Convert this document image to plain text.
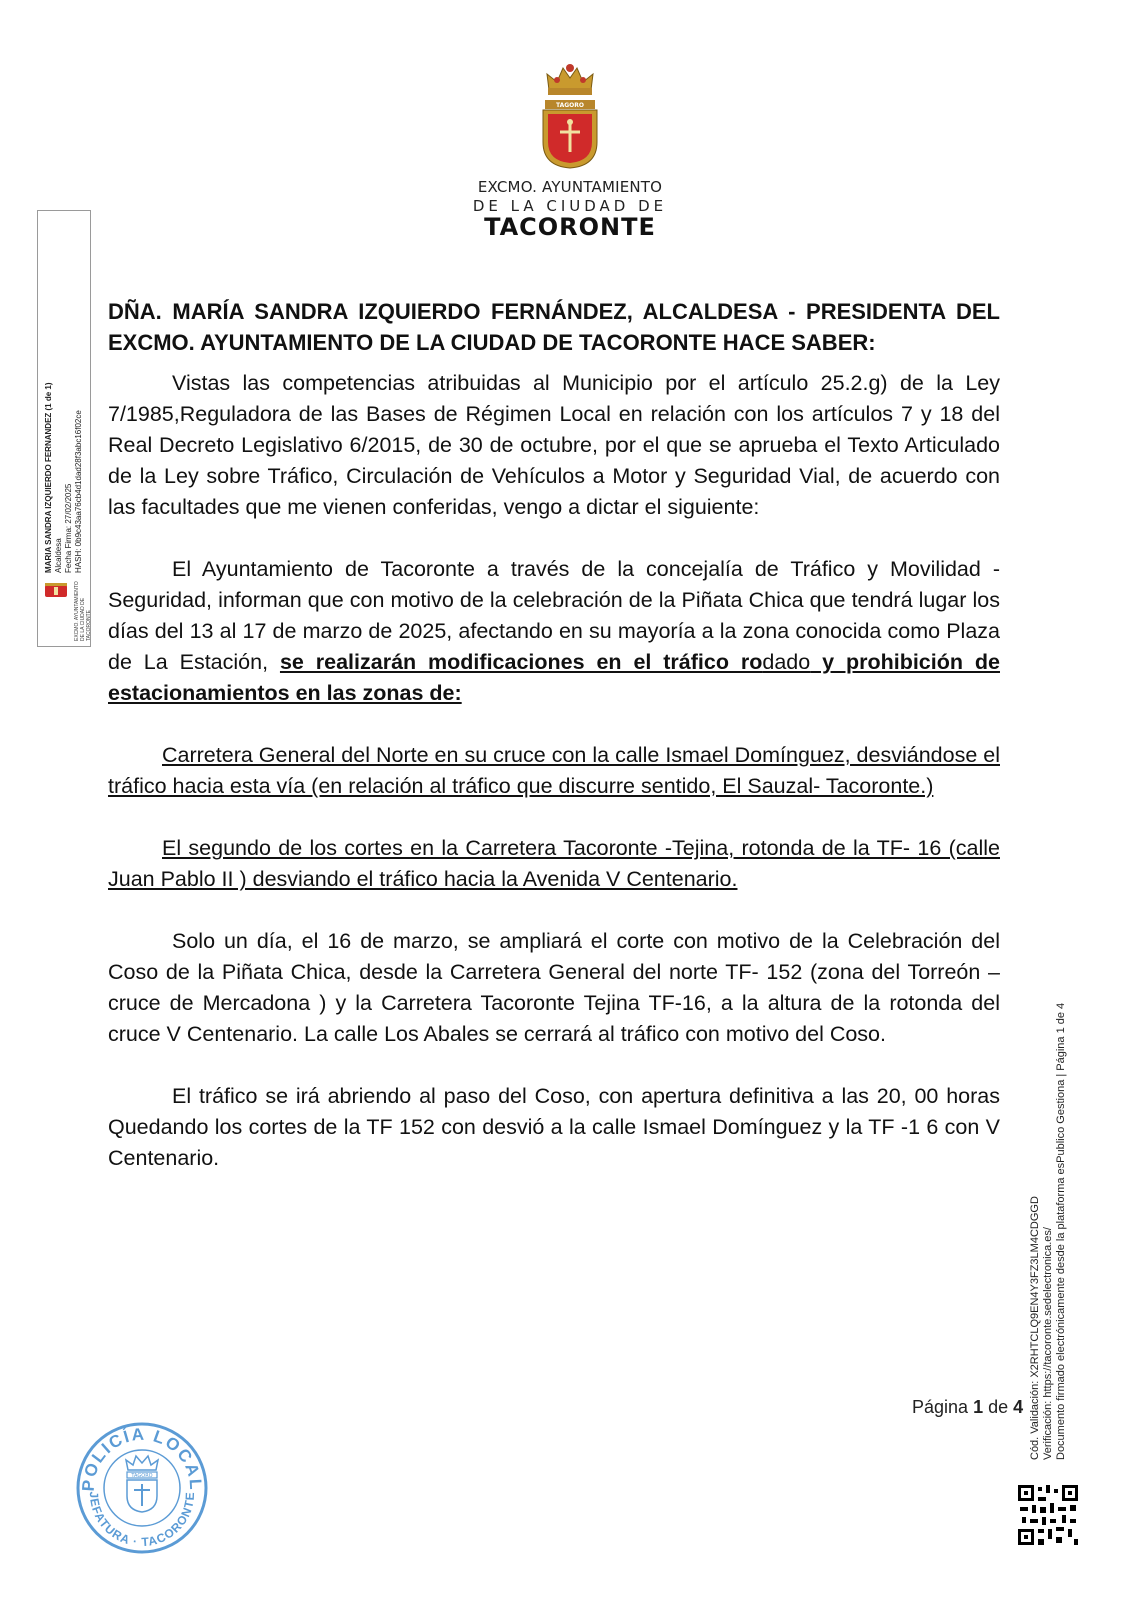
TAGORO
EXCMO. AYUNTAMIENTO
DE LA CIUDAD DE
TACORONTE
MARIA SANDRA IZQUIERDO FERNANDEZ (1 de 1) Alcaldesa Fecha Firma: 27/02/2025 HASH: 0b9c43aa76cb4d1dad28f3abc16f02ce
EXCMO. AYUNTAMIENTO DE LA CIUDAD DE TACORONTE

DÑA. MARÍA SANDRA IZQUIERDO FERNÁNDEZ, ALCALDESA - PRESIDENTA DEL EXCMO. AYUNTAMIENTO DE LA CIUDAD DE TACORONTE HACE SABER:

Vistas las competencias atribuidas al Municipio por el artículo 25.2.g) de la Ley 7/1985,Reguladora de las Bases de Régimen Local en relación con los artículos 7 y 18 del Real Decreto Legislativo 6/2015, de 30 de octubre, por el que se aprueba el Texto Articulado de la Ley sobre Tráfico, Circulación de Vehículos a Motor y Seguridad Vial, de acuerdo con las facultades que me vienen conferidas, vengo a dictar el siguiente:

El Ayuntamiento de Tacoronte a través de la concejalía de Tráfico y Movilidad - Seguridad, informan que con motivo de la celebración de la Piñata Chica que tendrá lugar los días del 13 al 17 de marzo de 2025, afectando en su mayoría a la zona conocida como Plaza de La Estación, se realizarán modificaciones en el tráfico rodado y prohibición de estacionamientos en las zonas de:

Carretera General del Norte en su cruce con la calle Ismael Domínguez, desviándose el tráfico hacia esta vía (en relación al tráfico que discurre sentido, El Sauzal- Tacoronte.)

El segundo de los cortes en la Carretera Tacoronte -Tejina, rotonda de la TF- 16 (calle Juan Pablo II ) desviando el tráfico hacia la Avenida V Centenario.

Solo un día, el 16 de marzo, se ampliará el corte con motivo de la Celebración del Coso de la Piñata Chica, desde la Carretera General del norte TF- 152 (zona del Torreón – cruce de Mercadona ) y la Carretera Tacoronte Tejina TF-16, a la altura de la rotonda del cruce V Centenario. La calle Los Abales se cerrará al tráfico con motivo del Coso.

El tráfico se irá abriendo al paso del Coso, con apertura definitiva a las 20, 00 horas Quedando los cortes de la TF 152 con desvió a la calle Ismael Domínguez y la TF -1 6 con V Centenario.

Página 1 de 4 Cód. Validación: X2RHTCLQ9EN4Y3FZ3LM4CDGGD Verificación: https://tacoronte.sedelectronica.es/ Documento firmado electrónicamente desde la plataforma esPublico Gestiona | Página 1 de 4
POLICÍA LOCAL
JEFATURA · TACORONTE
TAGORO
